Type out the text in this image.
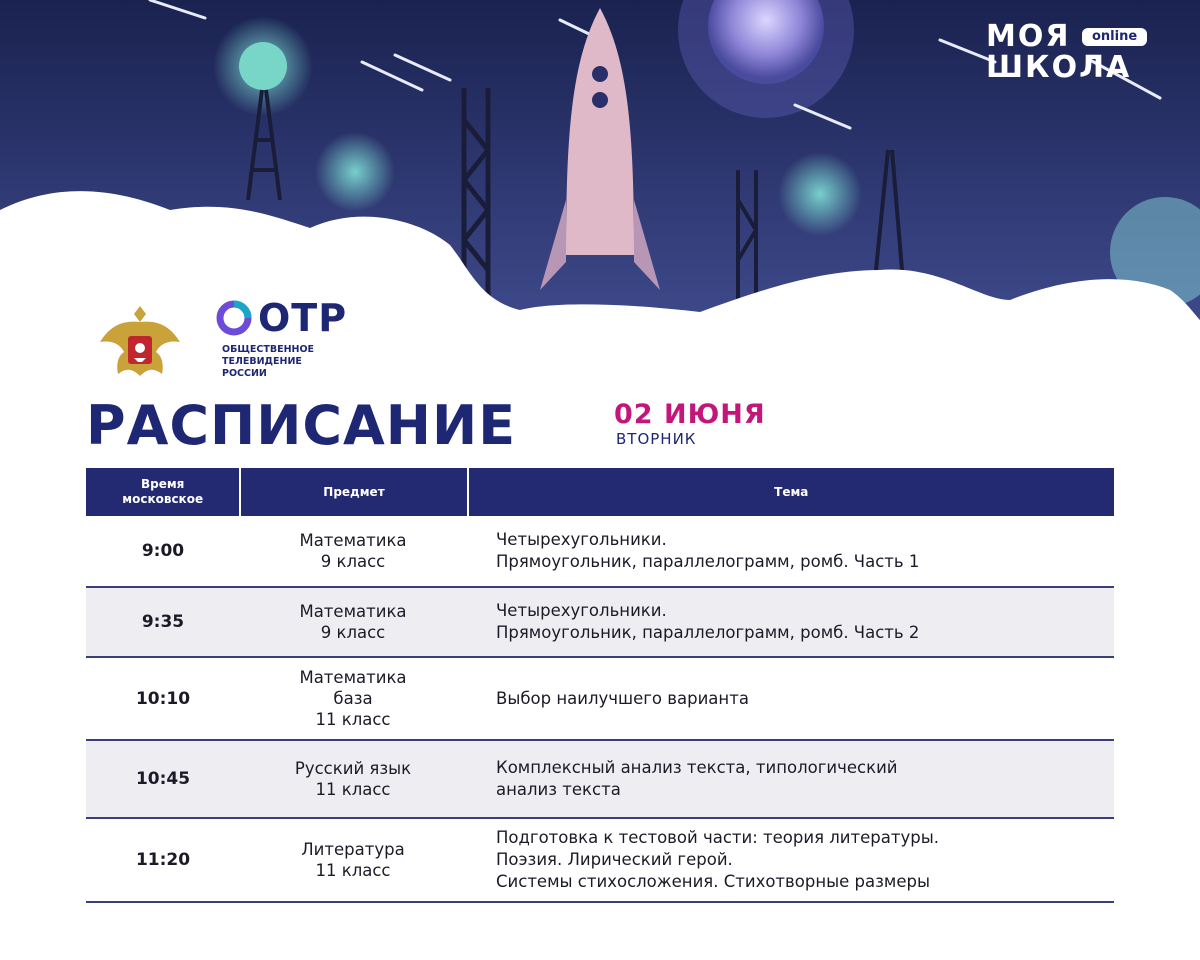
МОЯ
ШКОЛА
online
ОТР
ОБЩЕСТВЕННОЕ
ТЕЛЕВИДЕНИЕ
РОССИИ
РАСПИСАНИЕ	02 ИЮНЯ
ВТОРНИК
Время
московское
Предмет	Тема
9:00
Математика
9 класс
Четырехугольники.
Прямоугольник, параллелограмм, ромб. Часть 1
9:35
Математика
9 класс
Четырехугольники.
Прямоугольник, параллелограмм, ромб. Часть 2
10:10
Математика
база
11 класс
Выбор наилучшего варианта
10:45
Русский язык
11 класс
Комплексный анализ текста, типологический
анализ текста
11:20
Литература
11 класс
Подготовка к тестовой части: теория литературы.
Поэзия. Лирический герой.
Системы стихосложения. Стихотворные размеры
